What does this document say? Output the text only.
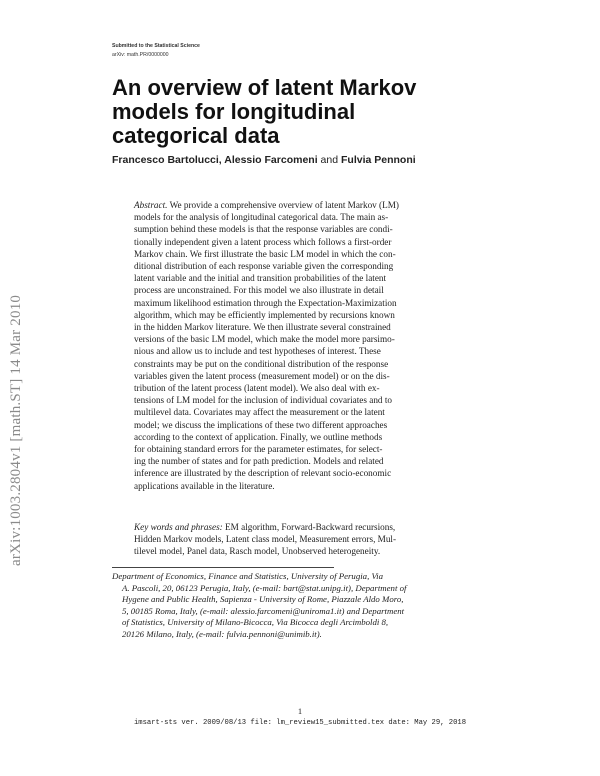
Submitted to the Statistical Science
arXiv: math.PR/0000000
An overview of latent Markov
models for longitudinal
categorical data
Francesco Bartolucci, Alessio Farcomeni and Fulvia Pennoni
arXiv:1003.2804v1 [math.ST] 14 Mar 2010
Abstract. We provide a comprehensive overview of latent Markov (LM)
models for the analysis of longitudinal categorical data. The main as-
sumption behind these models is that the response variables are condi-
tionally independent given a latent process which follows a first-order
Markov chain. We first illustrate the basic LM model in which the con-
ditional distribution of each response variable given the corresponding
latent variable and the initial and transition probabilities of the latent
process are unconstrained. For this model we also illustrate in detail
maximum likelihood estimation through the Expectation-Maximization
algorithm, which may be efficiently implemented by recursions known
in the hidden Markov literature. We then illustrate several constrained
versions of the basic LM model, which make the model more parsimo-
nious and allow us to include and test hypotheses of interest. These
constraints may be put on the conditional distribution of the response
variables given the latent process (measurement model) or on the dis-
tribution of the latent process (latent model). We also deal with ex-
tensions of LM model for the inclusion of individual covariates and to
multilevel data. Covariates may affect the measurement or the latent
model; we discuss the implications of these two different approaches
according to the context of application. Finally, we outline methods
for obtaining standard errors for the parameter estimates, for select-
ing the number of states and for path prediction. Models and related
inference are illustrated by the description of relevant socio-economic
applications available in the literature.
Key words and phrases: EM algorithm, Forward-Backward recursions,
Hidden Markov models, Latent class model, Measurement errors, Mul-
tilevel model, Panel data, Rasch model, Unobserved heterogeneity.
Department of Economics, Finance and Statistics, University of Perugia, Via
A. Pascoli, 20, 06123 Perugia, Italy, (e-mail: bart@stat.unipg.it), Department of
Hygene and Public Health, Sapienza - University of Rome, Piazzale Aldo Moro,
5, 00185 Roma, Italy, (e-mail: alessio.farcomeni@uniroma1.it) and Department
of Statistics, University of Milano-Bicocca, Via Bicocca degli Arcimboldi 8,
20126 Milano, Italy, (e-mail: fulvia.pennoni@unimib.it).
1
imsart-sts ver. 2009/08/13 file: lm_review15_submitted.tex date: May 29, 2018
